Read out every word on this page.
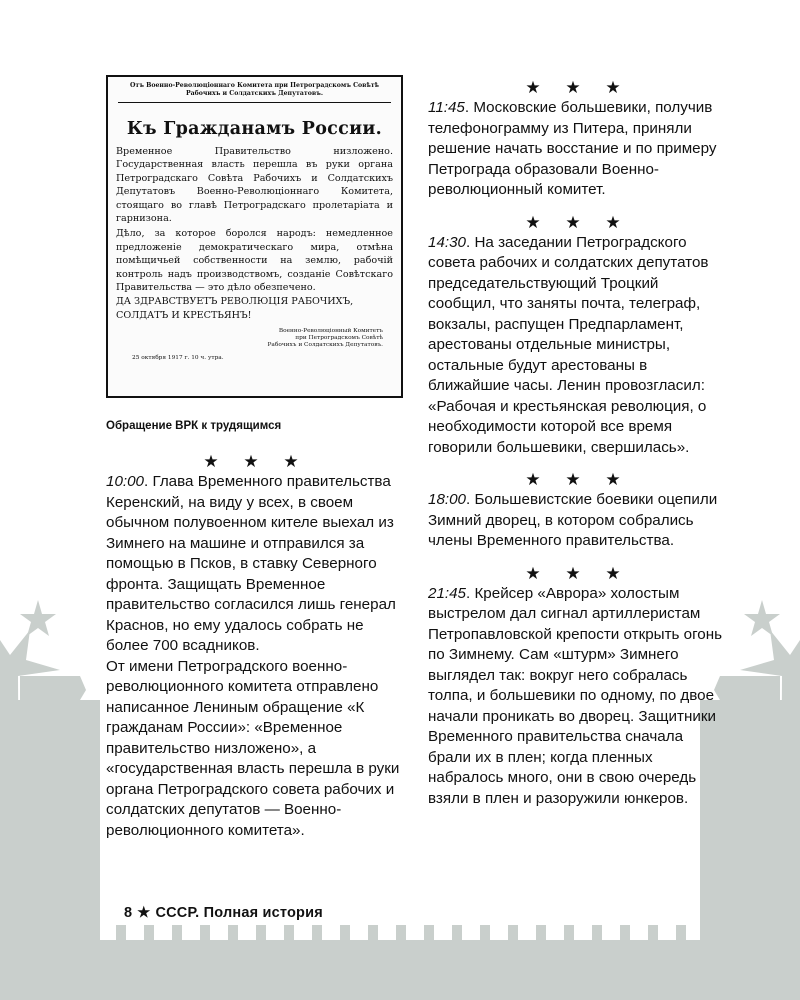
Отъ Военно-Революціоннаго Комитета при Петроградскомъ Совѣтѣ
Рабочихъ и Солдатскихъ Депутатовъ.
Къ Гражданамъ России.
Временное Правительство низложено. Государственная власть перешла въ руки органа Петроградскаго Совѣта Рабочихъ и Солдатскихъ Депутатовъ Военно-Революціоннаго Комитета, стоящаго во главѣ Петроградскаго пролетаріата и гарнизона.
Дѣло, за которое боролся народъ: немедленное предложеніе демократическаго мира, отмѣна помѣщичьей собственности на землю, рабочій контроль надъ производствомъ, созданіе Совѣтскаго Правительства — это дѣло обезпечено.
ДА ЗДРАВСТВУЕТЪ РЕВОЛЮЦІЯ РАБОЧИХЪ, СОЛДАТЪ И КРЕСТЬЯНЪ!
Военно-Революціонный Комитетъ
при Петроградскомъ Совѣтѣ
Рабочихъ и Солдатскихъ Депутатовъ.
25 октября 1917 г. 10 ч. утра.
Обращение ВРК к трудящимся
★ ★ ★

10:00. Глава Временного правительства Керенский, на виду у всех, в своем обычном полувоенном кителе выехал из Зимнего на машине и отправился за помощью в Псков, в ставку Северного фронта. Защищать Временное правительство согласился лишь генерал Краснов, но ему удалось собрать не более 700 всадников.

От имени Петроградского военно-революционного комитета отправлено написанное Лениным обращение «К гражданам России»: «Временное правительство низложено», а «государственная власть перешла в руки органа Петроградского совета рабочих и солдатских депутатов — Военно-революционного комитета».

★ ★ ★

11:45. Московские большевики, получив телефонограмму из Питера, приняли решение начать восстание и по примеру Петрограда образовали Военно-революционный комитет.

★ ★ ★

14:30. На заседании Петроградского совета рабочих и солдатских депутатов председательствующий Троцкий сообщил, что заняты почта, телеграф, вокзалы, распущен Предпарламент, арестованы отдельные министры, остальные будут арестованы в ближайшие часы. Ленин провозгласил: «Рабочая и крестьянская революция, о необходимости которой все время говорили большевики, свершилась».

★ ★ ★

18:00. Большевистские боевики оцепили Зимний дворец, в котором собрались члены Временного правительства.

★ ★ ★

21:45. Крейсер «Аврора» холостым выстрелом дал сигнал артиллеристам Петропавловской крепости открыть огонь по Зимнему. Сам «штурм» Зимнего выглядел так: вокруг него собралась толпа, и большевики по одному, по двое начали проникать во дворец. Защитники Временного правительства сначала брали их в плен; когда пленных набралось много, они в свою очередь взяли в плен и разоружили юнкеров.

8 ★ СССР. Полная история
